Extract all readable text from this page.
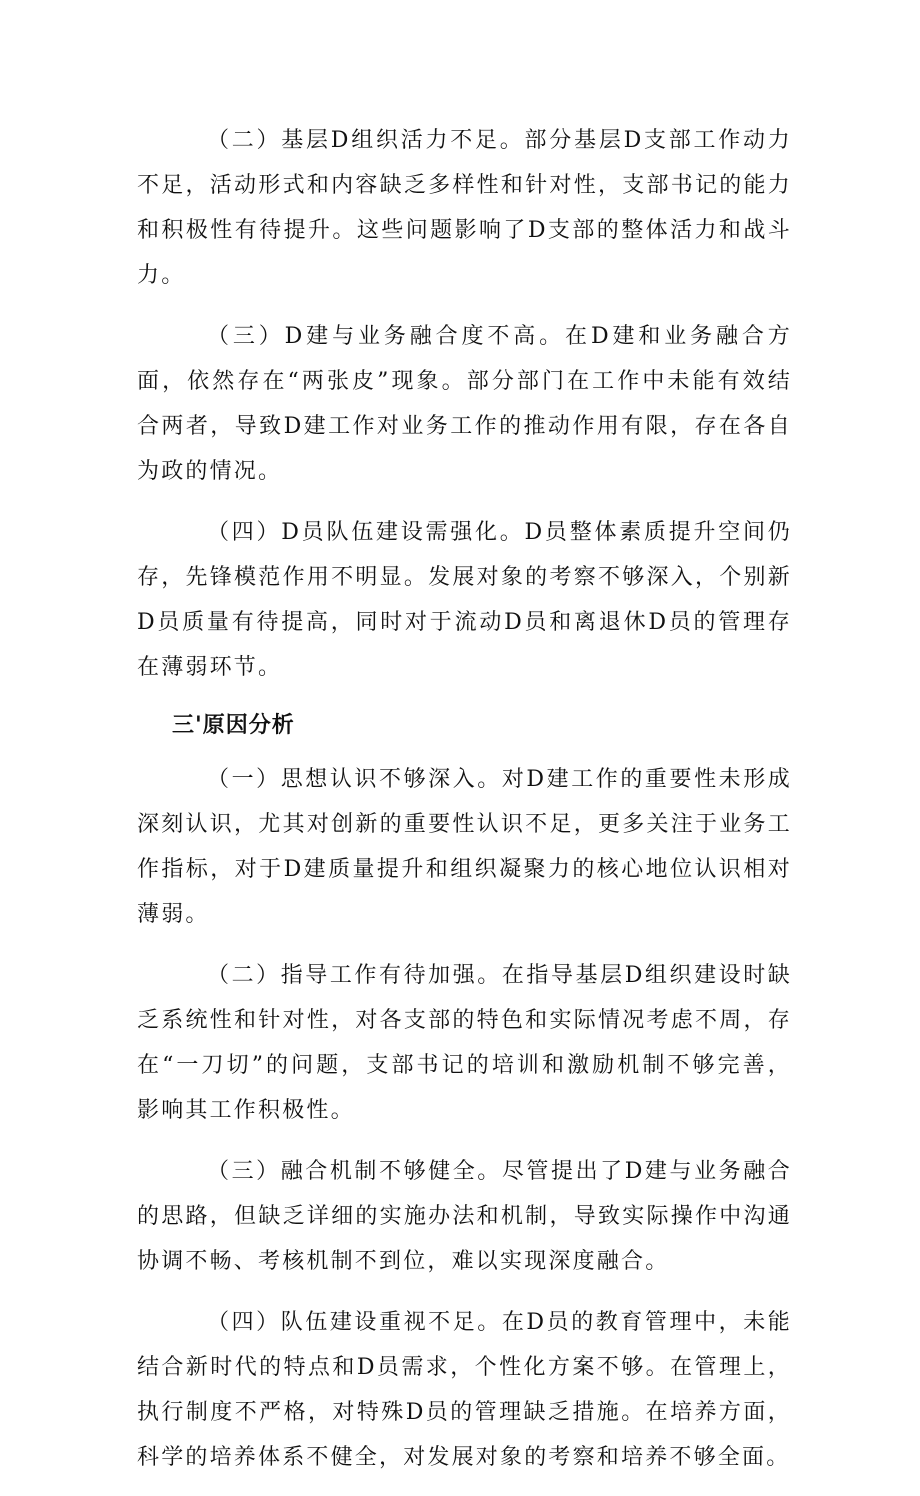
（二）基层D组织活力不足。部分基层D支部工作动力不足，活动形式和内容缺乏多样性和针对性，支部书记的能力和积极性有待提升。这些问题影响了D支部的整体活力和战斗力。

（三）D建与业务融合度不高。在D建和业务融合方面，依然存在“两张皮”现象。部分部门在工作中未能有效结合两者，导致D建工作对业务工作的推动作用有限，存在各自为政的情况。

（四）D员队伍建设需强化。D员整体素质提升空间仍存，先锋模范作用不明显。发展对象的考察不够深入，个别新D员质量有待提高，同时对于流动D员和离退休D员的管理存在薄弱环节。

三'原因分析

（一）思想认识不够深入。对D建工作的重要性未形成深刻认识，尤其对创新的重要性认识不足，更多关注于业务工作指标，对于D建质量提升和组织凝聚力的核心地位认识相对薄弱。

（二）指导工作有待加强。在指导基层D组织建设时缺乏系统性和针对性，对各支部的特色和实际情况考虑不周，存在“一刀切”的问题，支部书记的培训和激励机制不够完善，影响其工作积极性。

（三）融合机制不够健全。尽管提出了D建与业务融合的思路，但缺乏详细的实施办法和机制，导致实际操作中沟通协调不畅、考核机制不到位，难以实现深度融合。

（四）队伍建设重视不足。在D员的教育管理中，未能结合新时代的特点和D员需求，个性化方案不够。在管理上，执行制度不严格，对特殊D员的管理缺乏措施。在培养方面，科学的培养体系不健全，对发展对象的考察和培养不够全面。
